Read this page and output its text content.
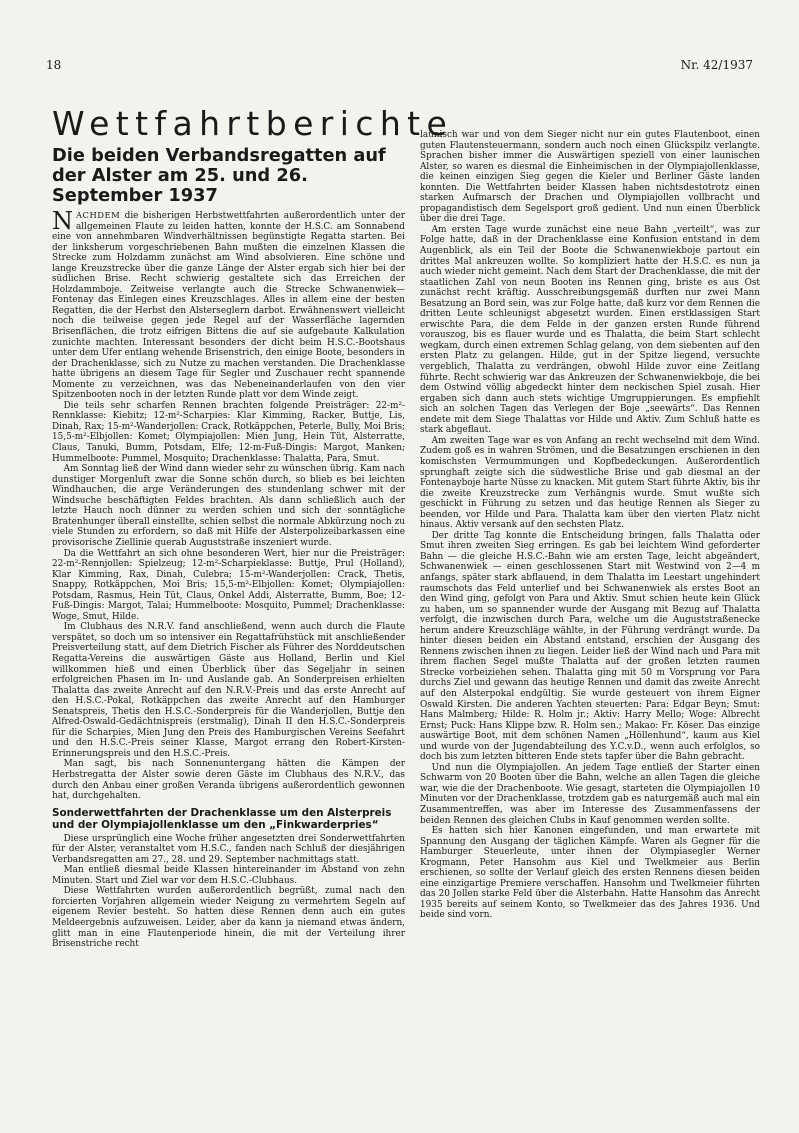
18	Nr. 42/1937
Wettfahrtberichte
Die beiden Verbandsregatten auf der Alster am 25. und 26. September 1937

NACHDEM die bisherigen Herbstwettfahrten außerordentlich unter der allgemeinen Flaute zu leiden hatten, konnte der H.S.C. am Sonnabend eine von annehmbaren Windverhältnissen begünstigte Regatta starten. Bei der linksherum vorgeschriebenen Bahn mußten die einzelnen Klassen die Strecke zum Holzdamm zunächst am Wind absolvieren. Eine schöne und lange Kreuzstrecke über die ganze Länge der Alster ergab sich hier bei der südlichen Brise. Recht schwierig gestaltete sich das Erreichen der Holzdammboje. Zeitweise verlangte auch die Strecke Schwanenwiek—Fontenay das Einlegen eines Kreuzschlages. Alles in allem eine der besten Regatten, die der Herbst den Alsterseglern darbot. Erwähnenswert vielleicht noch die teilweise gegen jede Regel auf der Wasserfläche lagernden Brisenflächen, die trotz eifrigen Bittens die auf sie aufgebaute Kalkulation zunichte machten. Interessant besonders der dicht beim H.S.C.-Bootshaus unter dem Ufer entlang wehende Brisenstrich, den einige Boote, besonders in der Drachenklasse, sich zu Nutze zu machen verstanden. Die Drachenklasse hatte übrigens an diesem Tage für Segler und Zuschauer recht spannende Momente zu verzeichnen, was das Nebeneinanderlaufen von den vier Spitzenbooten noch in der letzten Runde platt vor dem Winde zeigt.

Die teils sehr scharfen Rennen brachten folgende Preisträger: 22-m²-Rennklasse: Kiebitz; 12-m²-Scharpies: Klar Kimming, Racker, Buttje, Lis, Dinah, Rax; 15-m²-Wanderjollen: Crack, Rotkäppchen, Peterle, Bully, Moi Bris; 15,5-m²-Elbjollen: Komet; Olympiajollen: Mien Jung, Hein Tüt, Alsterratte, Claus, Tanuki, Bumm, Potsdam, Elfe; 12-m-Fuß-Dingis: Margot, Manken; Hummelboote: Pummel, Mosquito; Drachenklasse: Thalatta, Para, Smut.

Am Sonntag ließ der Wind dann wieder sehr zu wünschen übrig. Kam nach dunstiger Morgenluft zwar die Sonne schön durch, so blieb es bei leichten Windhauchen, die arge Veränderungen des stundenlang schwer mit der Windsuche beschäftigten Feldes brachten. Als dann schließlich auch der letzte Hauch noch dünner zu werden schien und sich der sonntägliche Bratenhunger überall einstellte, schien selbst die normale Abkürzung noch zu viele Stunden zu erfordern, so daß mit Hilfe der Alsterpolizeibarkassen eine provisorische Ziellinie querab Auguststraße inszeniert wurde.

Da die Wettfahrt an sich ohne besonderen Wert, hier nur die Preisträger: 22-m²-Rennjollen: Spielzeug; 12-m²-Scharpieklasse: Buttje, Prul (Holland), Klar Kimming, Rax, Dinah, Culebra; 15-m²-Wanderjollen: Crack, Thetis, Snappy, Rotkäppchen, Moi Bris; 15,5-m²-Elbjollen: Komet; Olympiajollen: Potsdam, Rasmus, Hein Tüt, Claus, Onkel Addi, Alsterratte, Bumm, Boe; 12-Fuß-Dingis: Margot, Talai; Hummelboote: Mosquito, Pummel; Drachenklasse: Woge, Smut, Hilde.

Im Clubhaus des N.R.V. fand anschließend, wenn auch durch die Flaute verspätet, so doch um so intensiver ein Regattafrühstück mit anschließender Preisverteilung statt, auf dem Dietrich Fischer als Führer des Norddeutschen Regatta-Vereins die auswärtigen Gäste aus Holland, Berlin und Kiel willkommen hieß und einen Überblick über das Segeljahr in seinen erfolgreichen Phasen im In- und Auslande gab. An Sonderpreisen erhielten Thalatta das zweite Anrecht auf den N.R.V.-Preis und das erste Anrecht auf den H.S.C.-Pokal, Rotkäppchen das zweite Anrecht auf den Hamburger Senatspreis, Thetis den H.S.C.-Sonderpreis für die Wanderjollen, Buttje den Alfred-Oswald-Gedächtnispreis (erstmalig), Dinah II den H.S.C.-Sonderpreis für die Scharpies, Mien Jung den Preis des Hamburgischen Vereins Seefahrt und den H.S.C.-Preis seiner Klasse, Margot errang den Robert-Kirsten-Erinnerungspreis und den H.S.C.-Preis.

Man sagt, bis nach Sonnenuntergang hätten die Kämpen der Herbstregatta der Alster sowie deren Gäste im Clubhaus des N.R.V., das durch den Anbau einer großen Veranda übrigens außerordentlich gewonnen hat, durchgehalten.

Sonderwettfahrten der Drachenklasse um den Alsterpreis und der Olympiajollenklasse um den „Finkwarderpries“

Diese ursprünglich eine Woche früher angesetzten drei Sonderwettfahrten für der Alster, veranstaltet vom H.S.C., fanden nach Schluß der diesjährigen Verbandsregatten am 27., 28. und 29. September nachmittags statt.

Man entließ diesmal beide Klassen hintereinander im Abstand von zehn Minuten. Start und Ziel war vor dem H.S.C.-Clubhaus.

Diese Wettfahrten wurden außerordentlich begrüßt, zumal nach den forcierten Vorjahren allgemein wieder Neigung zu vermehrtem Segeln auf eigenem Revier besteht. So hatten diese Rennen denn auch ein gutes Meldeergebnis aufzuweisen. Leider, aber da kann ja niemand etwas ändern, glitt man in eine Flautenperiode hinein, die mit der Verteilung ihrer Brisenstriche recht

launisch war und von dem Sieger nicht nur ein gutes Flautenboot, einen guten Flautensteuermann, sondern auch noch einen Glückspilz verlangte. Sprachen bisher immer die Auswärtigen speziell von einer launischen Alster, so waren es diesmal die Einheimischen in der Olympiajollenklasse, die keinen einzigen Sieg gegen die Kieler und Berliner Gäste landen konnten. Die Wettfahrten beider Klassen haben nichtsdestotrotz einen starken Aufmarsch der Drachen und Olympiajollen vollbracht und propagandistisch dem Segelsport groß gedient. Und nun einen Überblick über die drei Tage.

Am ersten Tage wurde zunächst eine neue Bahn „verteilt“, was zur Folge hatte, daß in der Drachenklasse eine Konfusion entstand in dem Augenblick, als ein Teil der Boote die Schwanenwiekboje partout ein drittes Mal ankreuzen wollte. So kompliziert hatte der H.S.C. es nun ja auch wieder nicht gemeint. Nach dem Start der Drachenklasse, die mit der staatlichen Zahl von neun Booten ins Rennen ging, briste es aus Ost zunächst recht kräftig. Ausschreibungsgemäß durften nur zwei Mann Besatzung an Bord sein, was zur Folge hatte, daß kurz vor dem Rennen die dritten Leute schleunigst abgesetzt wurden. Einen erstklassigen Start erwischte Para, die dem Felde in der ganzen ersten Runde führend vorauszog, bis es flauer wurde und es Thalatta, die beim Start schlecht wegkam, durch einen extremen Schlag gelang, von dem siebenten auf den ersten Platz zu gelangen. Hilde, gut in der Spitze liegend, versuchte vergeblich, Thalatta zu verdrängen, obwohl Hilde zuvor eine Zeitlang führte. Recht schwierig war das Ankreuzen der Schwanenwiekboje, die bei dem Ostwind völlig abgedeckt hinter dem neckischen Spiel zusah. Hier ergaben sich dann auch stets wichtige Umgruppierungen. Es empfiehlt sich an solchen Tagen das Verlegen der Boje „seewärts“. Das Rennen endete mit dem Siege Thalattas vor Hilde und Aktiv. Zum Schluß hatte es stark abgeflaut.

Am zweiten Tage war es von Anfang an recht wechselnd mit dem Wind. Zudem goß es in wahren Strömen, und die Besatzungen erschienen in den komischsten Vermummungen und Kopfbedeckungen. Außerordentlich sprunghaft zeigte sich die südwestliche Brise und gab diesmal an der Fontenayboje harte Nüsse zu knacken. Mit gutem Start führte Aktiv, bis ihr die zweite Kreuzstrecke zum Verhängnis wurde. Smut wußte sich geschickt in Führung zu setzen und das heutige Rennen als Sieger zu beenden, vor Hilde und Para. Thalatta kam über den vierten Platz nicht hinaus. Aktiv versank auf den sechsten Platz.

Der dritte Tag konnte die Entscheidung bringen, falls Thalatta oder Smut ihren zweiten Sieg erringen. Es gab bei leichtem Wind geforderter Bahn — die gleiche H.S.C.-Bahn wie am ersten Tage, leicht abgeändert, Schwanenwiek — einen geschlossenen Start mit Westwind von 2—4 m anfangs, später stark abflauend, in dem Thalatta im Leestart ungehindert raumschots das Feld unterlief und bei Schwanenwiek als erstes Boot an den Wind ging, gefolgt von Para und Aktiv. Smut schien heute kein Glück zu haben, um so spannender wurde der Ausgang mit Bezug auf Thalatta verfolgt, die inzwischen durch Para, welche um die Auguststraßenecke herum andere Kreuzschläge wählte, in der Führung verdrängt wurde. Da hinter diesen beiden ein Abstand entstand, erschien der Ausgang des Rennens zwischen ihnen zu liegen. Leider ließ der Wind nach und Para mit ihrem flachen Segel mußte Thalatta auf der großen letzten raumen Strecke vorbeiziehen sehen. Thalatta ging mit 50 m Vorsprung vor Para durchs Ziel und gewann das heutige Rennen und damit das zweite Anrecht auf den Alsterpokal endgültig. Sie wurde gesteuert von ihrem Eigner Oswald Kirsten. Die anderen Yachten steuerten: Para: Edgar Beyn; Smut: Hans Malmberg; Hilde: R. Holm jr.; Aktiv: Harry Mello; Woge: Albrecht Ernst; Puck: Hans Klippe bzw. R. Holm sen.; Makao: Fr. Köser. Das einzige auswärtige Boot, mit dem schönen Namen „Höllenhund“, kaum aus Kiel und wurde von der Jugendabteilung des Y.C.v.D., wenn auch erfolglos, so doch bis zum letzten bitteren Ende stets tapfer über die Bahn gebracht.

Und nun die Olympiajollen. An jedem Tage entließ der Starter einen Schwarm von 20 Booten über die Bahn, welche an allen Tagen die gleiche war, wie die der Drachenboote. Wie gesagt, starteten die Olympiajollen 10 Minuten vor der Drachenklasse, trotzdem gab es naturgemäß auch mal ein Zusammentreffen, was aber im Interesse des Zusammenfassens der beiden Rennen des gleichen Clubs in Kauf genommen werden sollte.

Es hatten sich hier Kanonen eingefunden, und man erwartete mit Spannung den Ausgang der täglichen Kämpfe. Waren als Gegner für die Hamburger Steuerleute, unter ihnen der Olympiasegler Werner Krogmann, Peter Hansohm aus Kiel und Twelkmeier aus Berlin erschienen, so sollte der Verlauf gleich des ersten Rennens diesen beiden eine einzigartige Premiere verschaffen. Hansohm und Twelkmeier führten das 20 Jollen starke Feld über die Alsterbahn. Hatte Hansohm das Anrecht 1935 bereits auf seinem Konto, so Twelkmeier das des Jahres 1936. Und beide sind vorn.
